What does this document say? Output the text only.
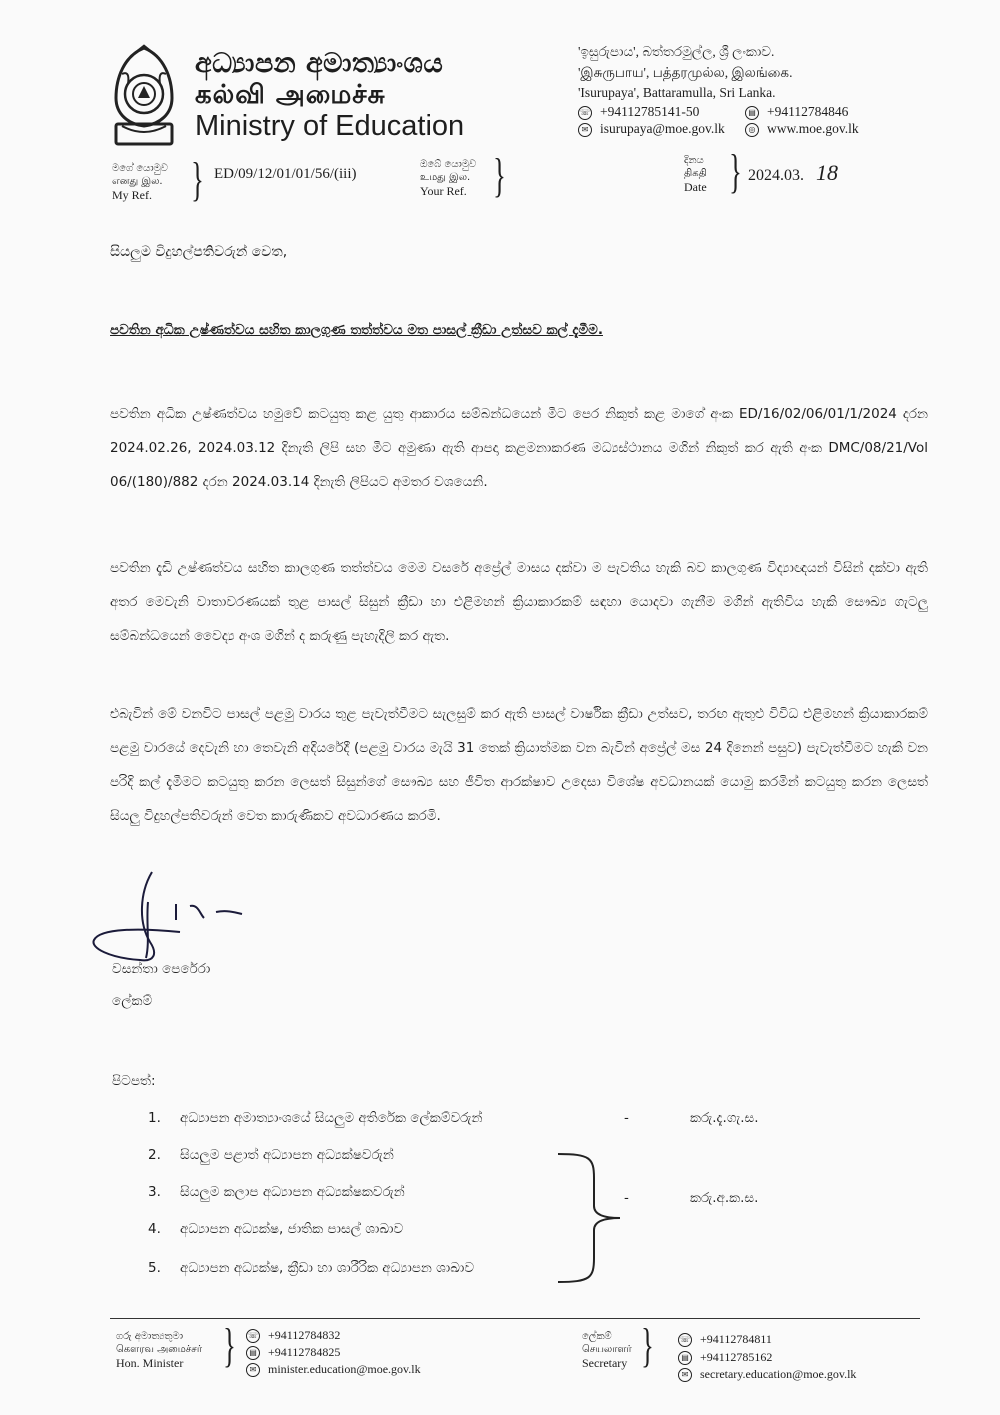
අධ්‍යාපන අමාත්‍යාංශය
கல்வி அமைச்சு
Ministry of Education
'ඉසුරුපාය', බත්තරමුල්ල, ශ්‍රී ලංකාව.
'இசுருபாய', பத்தரமுல்ல, இலங்கை.
'Isurupaya', Battaramulla, Sri Lanka.
☏ +94112785141-50	▤ +94112784846
✉ isurupaya@moe.gov.lk	◎ www.moe.gov.lk
මගේ යොමුව
எனது இல.
My Ref. } ED/09/12/01/01/56/(iii)
ඔබේ යොමුව
உமது இல.
Your Ref. }	දිනය
திகதி
Date } 2024.03. 18
සියලුම විදුහල්පතිවරුන් වෙත,
පවතින අධික උෂ්ණත්වය සහිත කාලගුණ තත්ත්වය මත පාසල් ක්‍රීඩා උත්සව කල් දැමීම.

පවතින අධික උෂ්ණත්වය හමුවේ කටයුතු කළ යුතු ආකාරය සම්බන්ධයෙන් මීට පෙර නිකුත් කළ මාගේ අංක ED/16/02/06/01/1/2024 දරන 2024.02.26, 2024.03.12 දිනැති ලිපි සහ මීට අමුණා ඇති ආපදා කළමනාකරණ මධ්‍යස්ථානය මගින් නිකුත් කර ඇති අංක DMC/08/21/Vol 06/(180)/882 දරන 2024.03.14 දිනැති ලිපියට අමතර වශයෙනි.

පවතින දැඩි උෂ්ණත්වය සහිත කාලගුණ තත්ත්වය මෙම වසරේ අප්‍රේල් මාසය දක්වා ම පැවතිය හැකි බව කාලගුණ විද්‍යාඥයන් විසින් දක්වා ඇති අතර මෙවැනි වාතාවරණයක් තුළ පාසල් සිසුන් ක්‍රීඩා හා එළිමහන් ක්‍රියාකාරකම් සඳහා යොදවා ගැනීම මගින් ඇතිවිය හැකි සෞඛ්‍ය ගැටලු සම්බන්ධයෙන් වෛද්‍ය අංශ මගින් ද කරුණු පැහැදිලි කර ඇත.

එබැවින් මේ වනවිට පාසල් පළමු වාරය තුළ පැවැත්වීමට සැලසුම් කර ඇති පාසල් වාර්ෂික ක්‍රීඩා උත්සව, තරඟ ඇතුළු විවිධ එළිමහන් ක්‍රියාකාරකම් පළමු වාරයේ දෙවැනි හා තෙවැනි අදියරේදී (පළමු වාරය මැයි 31 තෙක් ක්‍රියාත්මක වන බැවින් අප්‍රේල් මස 24 දිනෙන් පසුව) පැවැත්වීමට හැකි වන පරිදි කල් දැමීමට කටයුතු කරන ලෙසත් සිසුන්ගේ සෞඛ්‍ය සහ ජීවිත ආරක්ෂාව උදෙසා විශේෂ අවධානයක් යොමු කරමින් කටයුතු කරන ලෙසත් සියලු විදුහල්පතිවරුන් වෙත කාරුණිකව අවධාරණය කරමි.

වසන්තා පෙරේරා
ලේකම්
පිටපත්:
1. අධ්‍යාපන අමාත්‍යාංශයේ සියලුම අතිරේක ලේකම්වරුන්	-	කරු.දැ.ගැ.ස.
2. සියලුම පළාත් අධ්‍යාපන අධ්‍යක්ෂවරුන්
3. සියලුම කලාප අධ්‍යාපන අධ්‍යක්ෂකවරුන්
4. අධ්‍යාපන අධ්‍යක්ෂ, ජාතික පාසල් ශාඛාව
5. අධ්‍යාපන අධ්‍යක්ෂ, ක්‍රීඩා හා ශාරීරික අධ්‍යාපන ශාඛාව
-	කරු.අ.ක.ස.
ගරු අමාත්‍යතුමා
கௌரவ அமைச்சர்
Hon. Minister } ☏ +94112784832
▤ +94112784825
✉ minister.education@moe.gov.lk
ලේකම්
செயலாளர்
Secretary }	☏ +94112784811
▤ +94112785162
✉ secretary.education@moe.gov.lk
